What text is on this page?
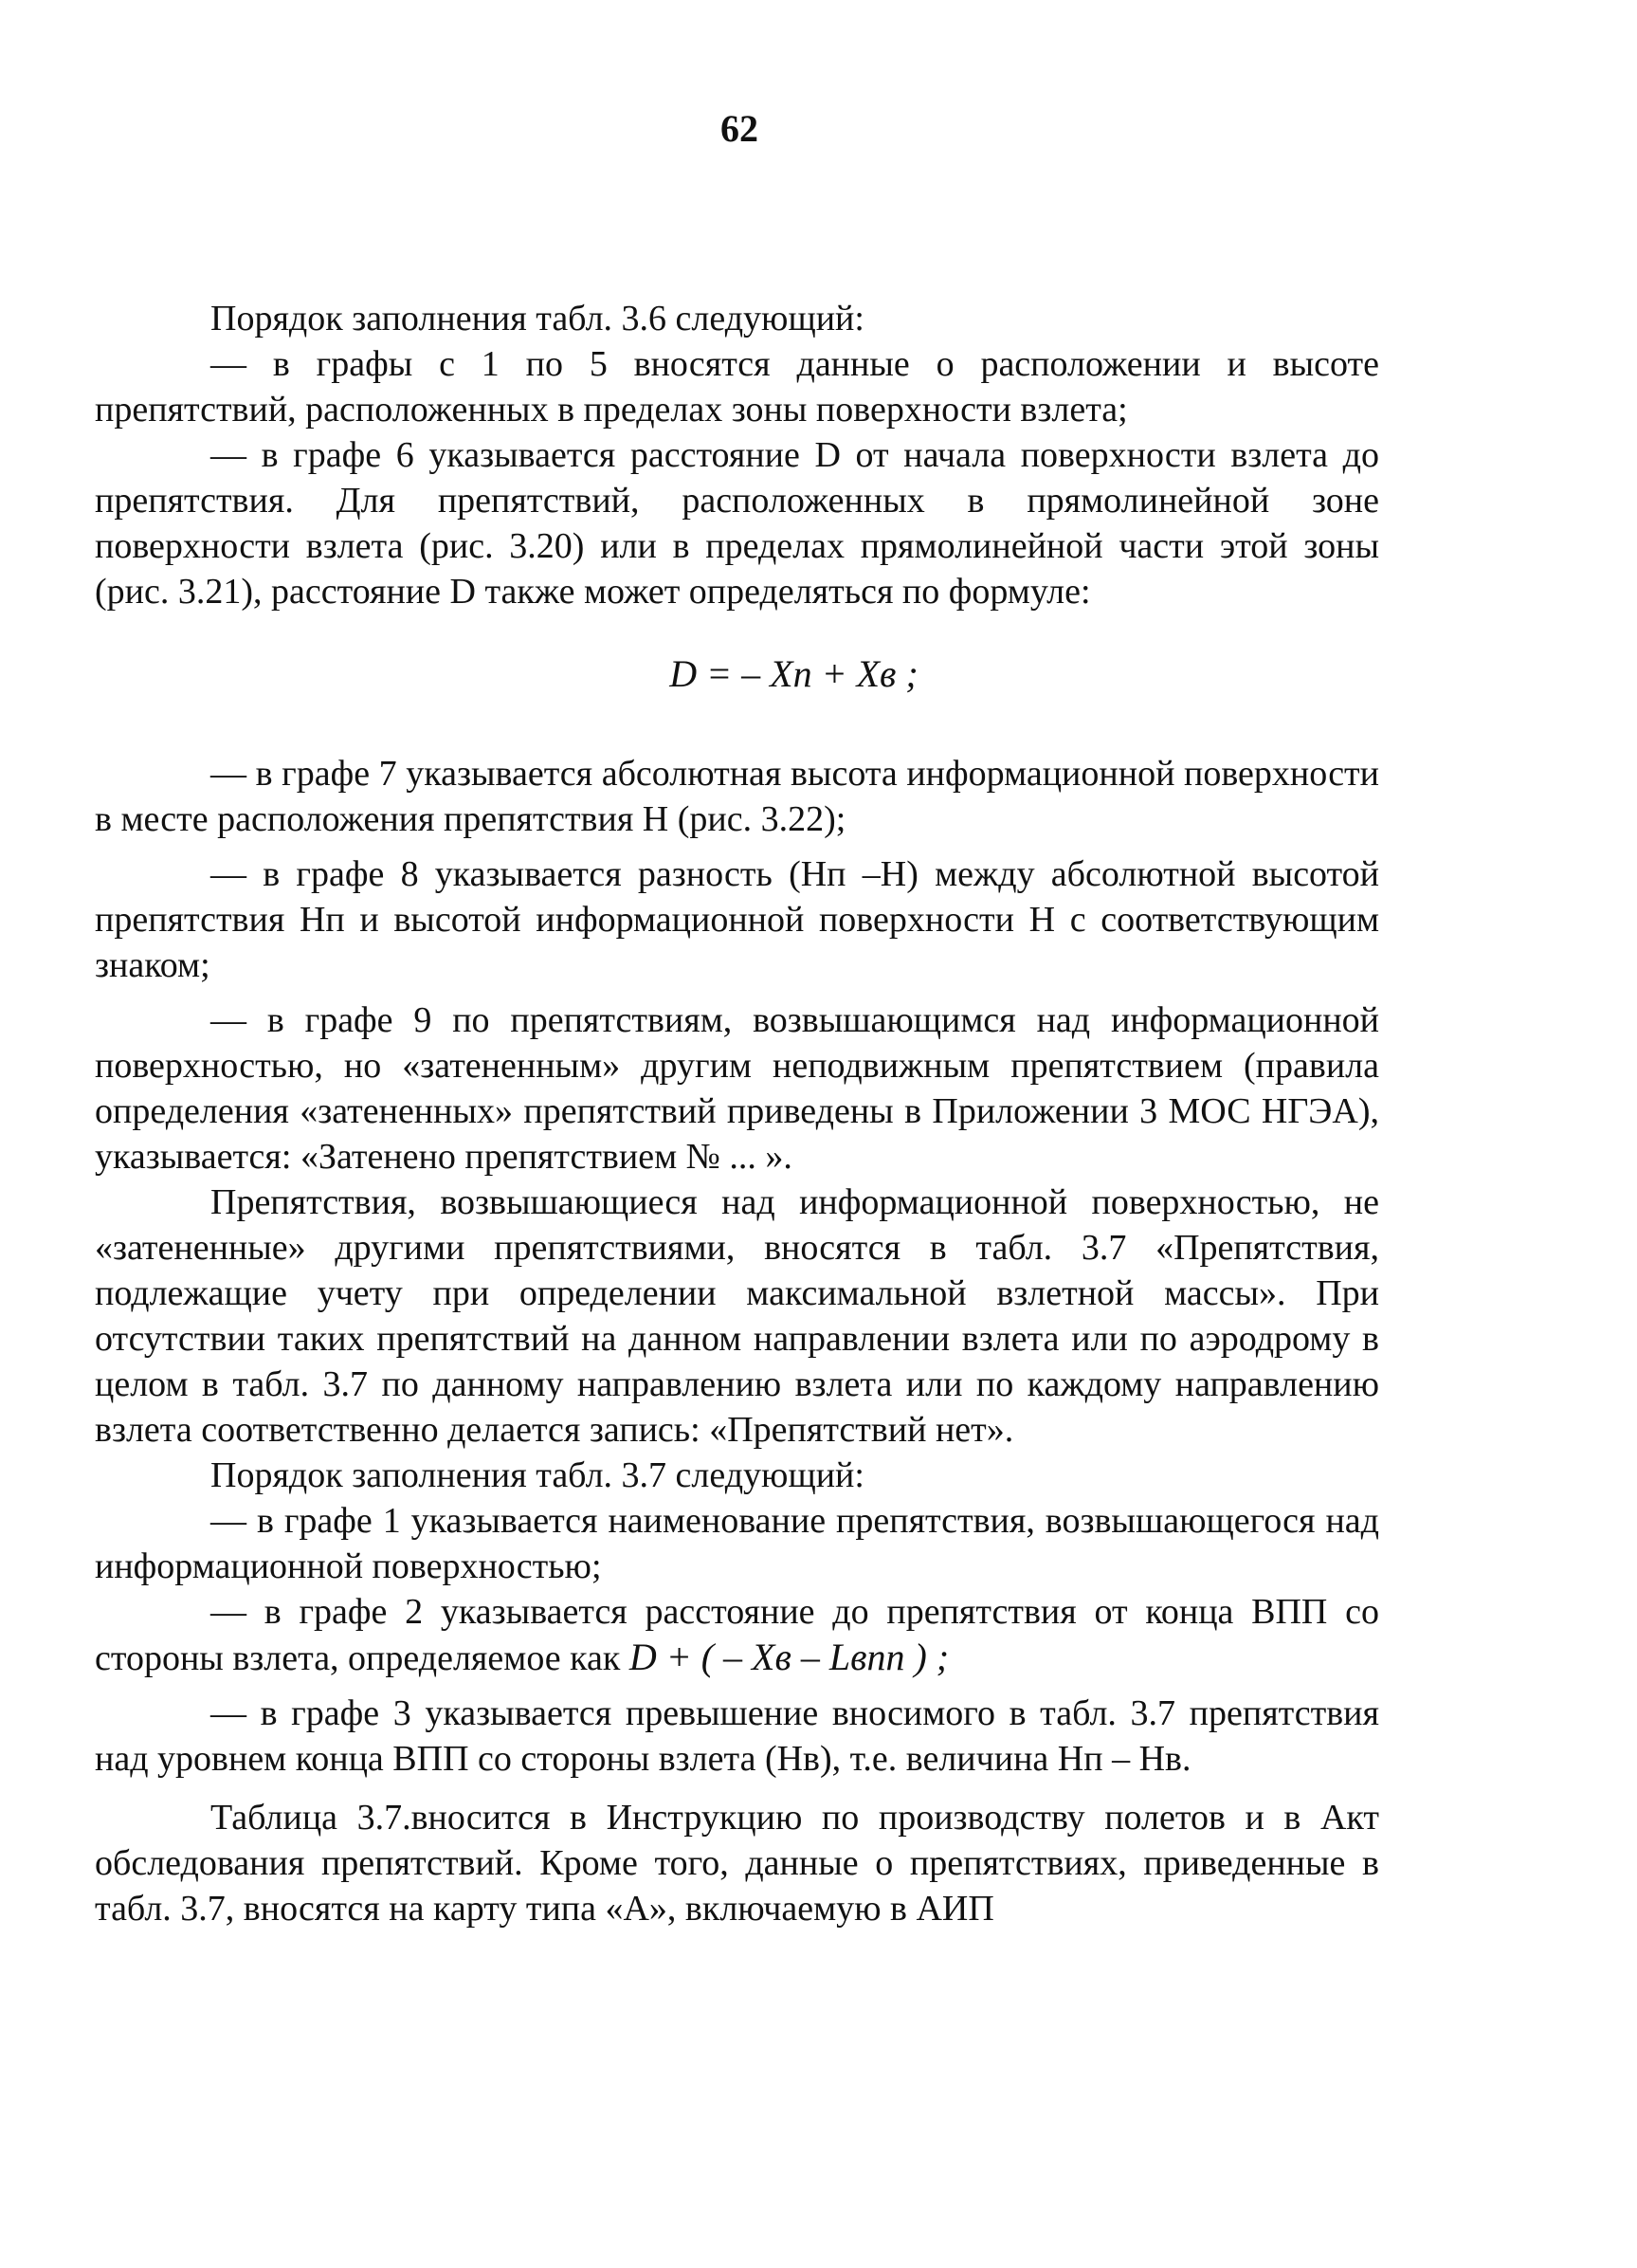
62

Порядок заполнения табл. 3.6 следующий:

— в графы с 1 по 5 вносятся данные о расположении и высоте препятствий, расположенных в пределах зоны поверхности взлета;

— в графе 6 указывается расстояние D от начала поверхности взлета до препятствия. Для препятствий, расположенных в прямолинейной зоне поверхности взлета (рис. 3.20) или в пределах прямолинейной части этой зоны (рис. 3.21), расстояние D также может определяться по формуле:

D = – Xп + Xв ;

— в графе 7 указывается абсолютная высота информационной поверхности в месте расположения препятствия Н (рис. 3.22);

— в графе 8 указывается разность (Нп –Н) между абсолютной высотой препятствия Нп и высотой информационной поверхности Н с соответствующим знаком;

— в графе 9 по препятствиям, возвышающимся над информационной поверхностью, но «затененным» другим неподвижным препятствием (правила определения «затененных» препятствий приведены в Приложении 3 МОС НГЭА), указывается: «Затенено препятствием № ... ».

Препятствия, возвышающиеся над информационной поверхностью, не «затененные» другими препятствиями, вносятся в табл. 3.7 «Препятствия, подлежащие учету при определении максимальной взлетной массы». При отсутствии таких препятствий на данном направлении взлета или по аэродрому в целом в табл. 3.7 по данному направлению взлета или по каждому направлению взлета соответственно делается запись: «Препятствий нет».

Порядок заполнения табл. 3.7 следующий:

— в графе 1 указывается наименование препятствия, возвышающегося над информационной поверхностью;

— в графе 2 указывается расстояние до препятствия от конца ВПП со стороны взлета, определяемое как D + ( – Xв – Lвпп ) ;

— в графе 3 указывается превышение вносимого в табл. 3.7 препятствия над уровнем конца ВПП со стороны взлета (Нв), т.е. величина Нп – Нв.

Таблица 3.7.вносится в Инструкцию по производству полетов и в Акт обследования препятствий. Кроме того, данные о препятствиях, приведенные в табл. 3.7, вносятся на карту типа «А», включаемую в АИП
